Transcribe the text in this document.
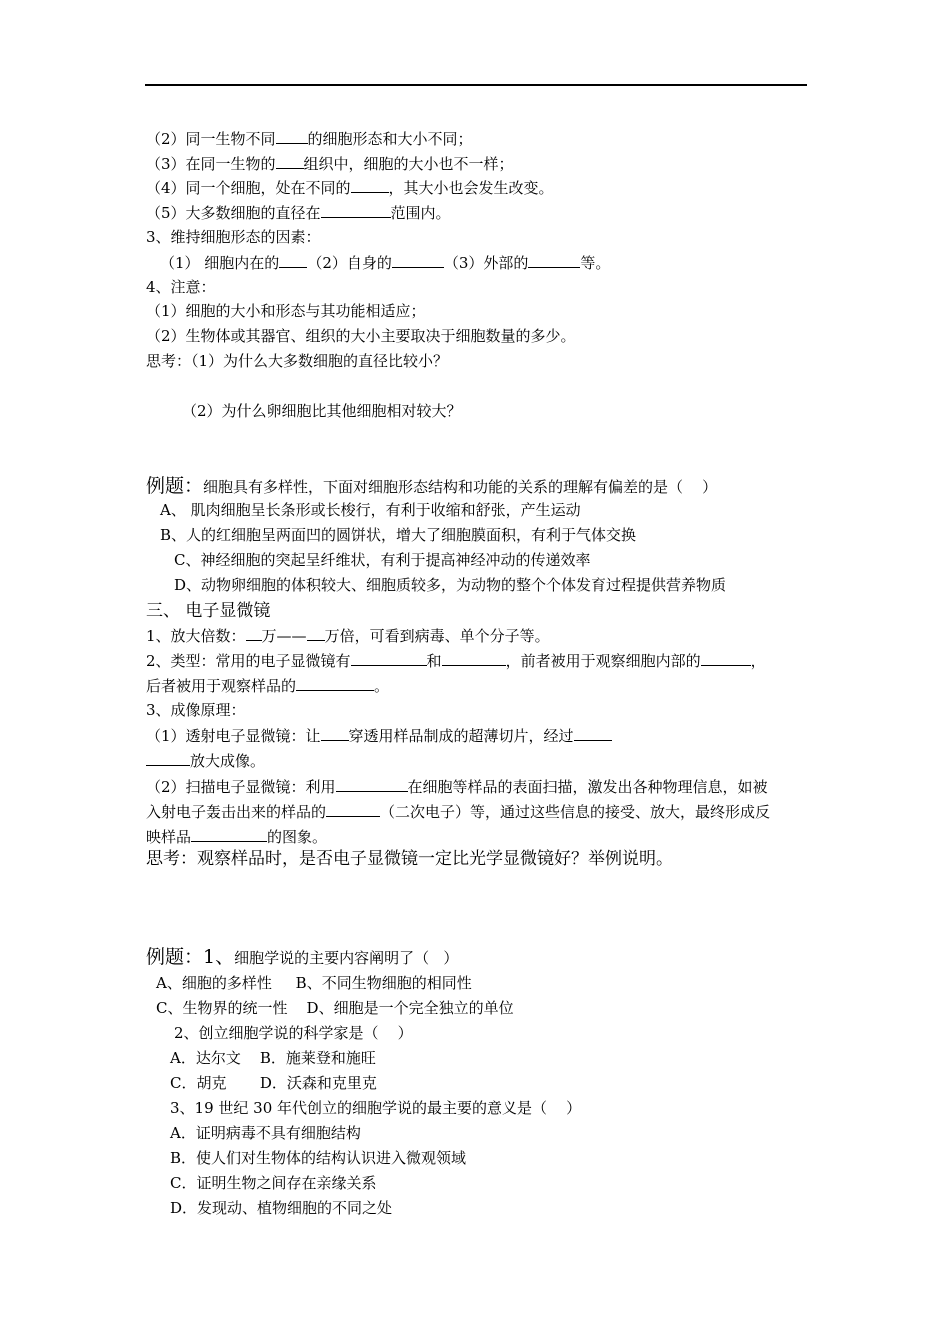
（2）同一生物不同 的细胞形态和大小不同；
（3）在同一生物的 组织中，细胞的大小也不一样；
（4）同一个细胞，处在不同的	，其大小也会发生改变。
（5）大多数细胞的直径在	范围内。
3、维持细胞形态的因素：
（1） 细胞内在的 （2）自身的	（3）外部的	等。
4、注意：
（1）细胞的大小和形态与其功能相适应；
（2）生物体或其器官、组织的大小主要取决于细胞数量的多少。
思考：（1）为什么大多数细胞的直径比较小？
（2）为什么卵细胞比其他细胞相对较大？
例题：细胞具有多样性，下面对细胞形态结构和功能的关系的理解有偏差的是（    ）
A、 肌肉细胞呈长条形或长梭行，有利于收缩和舒张，产生运动
B、人的红细胞呈两面凹的圆饼状，增大了细胞膜面积，有利于气体交换
C、神经细胞的突起呈纤维状，有利于提高神经冲动的传递效率
D、动物卵细胞的体积较大、细胞质较多，为动物的整个个体发育过程提供营养物质
三、 电子显微镜
1、放大倍数： 万—— 万倍，可看到病毒、单个分子等。
2、类型：常用的电子显微镜有	和	，前者被用于观察细胞内部的	，
后者被用于观察样品的	。
3、成像原理：
（1）透射电子显微镜：让 穿透用样品制成的超薄切片，经过
放大成像。
（2）扫描电子显微镜：利用	在细胞等样品的表面扫描，激发出各种物理信息，如被
入射电子轰击出来的样品的	（二次电子）等，通过这些信息的接受、放大，最终形成反
映样品	的图象。
思考：观察样品时，是否电子显微镜一定比光学显微镜好？举例说明。
例题：1、细胞学说的主要内容阐明了（   ）
A、细胞的多样性     B、不同生物细胞的相同性
C、生物界的统一性    D、细胞是一个完全独立的单位
2、创立细胞学说的科学家是（    ）
A．达尔文    B．施莱登和施旺
C．胡克       D．沃森和克里克
3、19 世纪 30 年代创立的细胞学说的最主要的意义是（    ）
A．证明病毒不具有细胞结构
B．使人们对生物体的结构认识进入微观领域
C．证明生物之间存在亲缘关系
D．发现动、植物细胞的不同之处
